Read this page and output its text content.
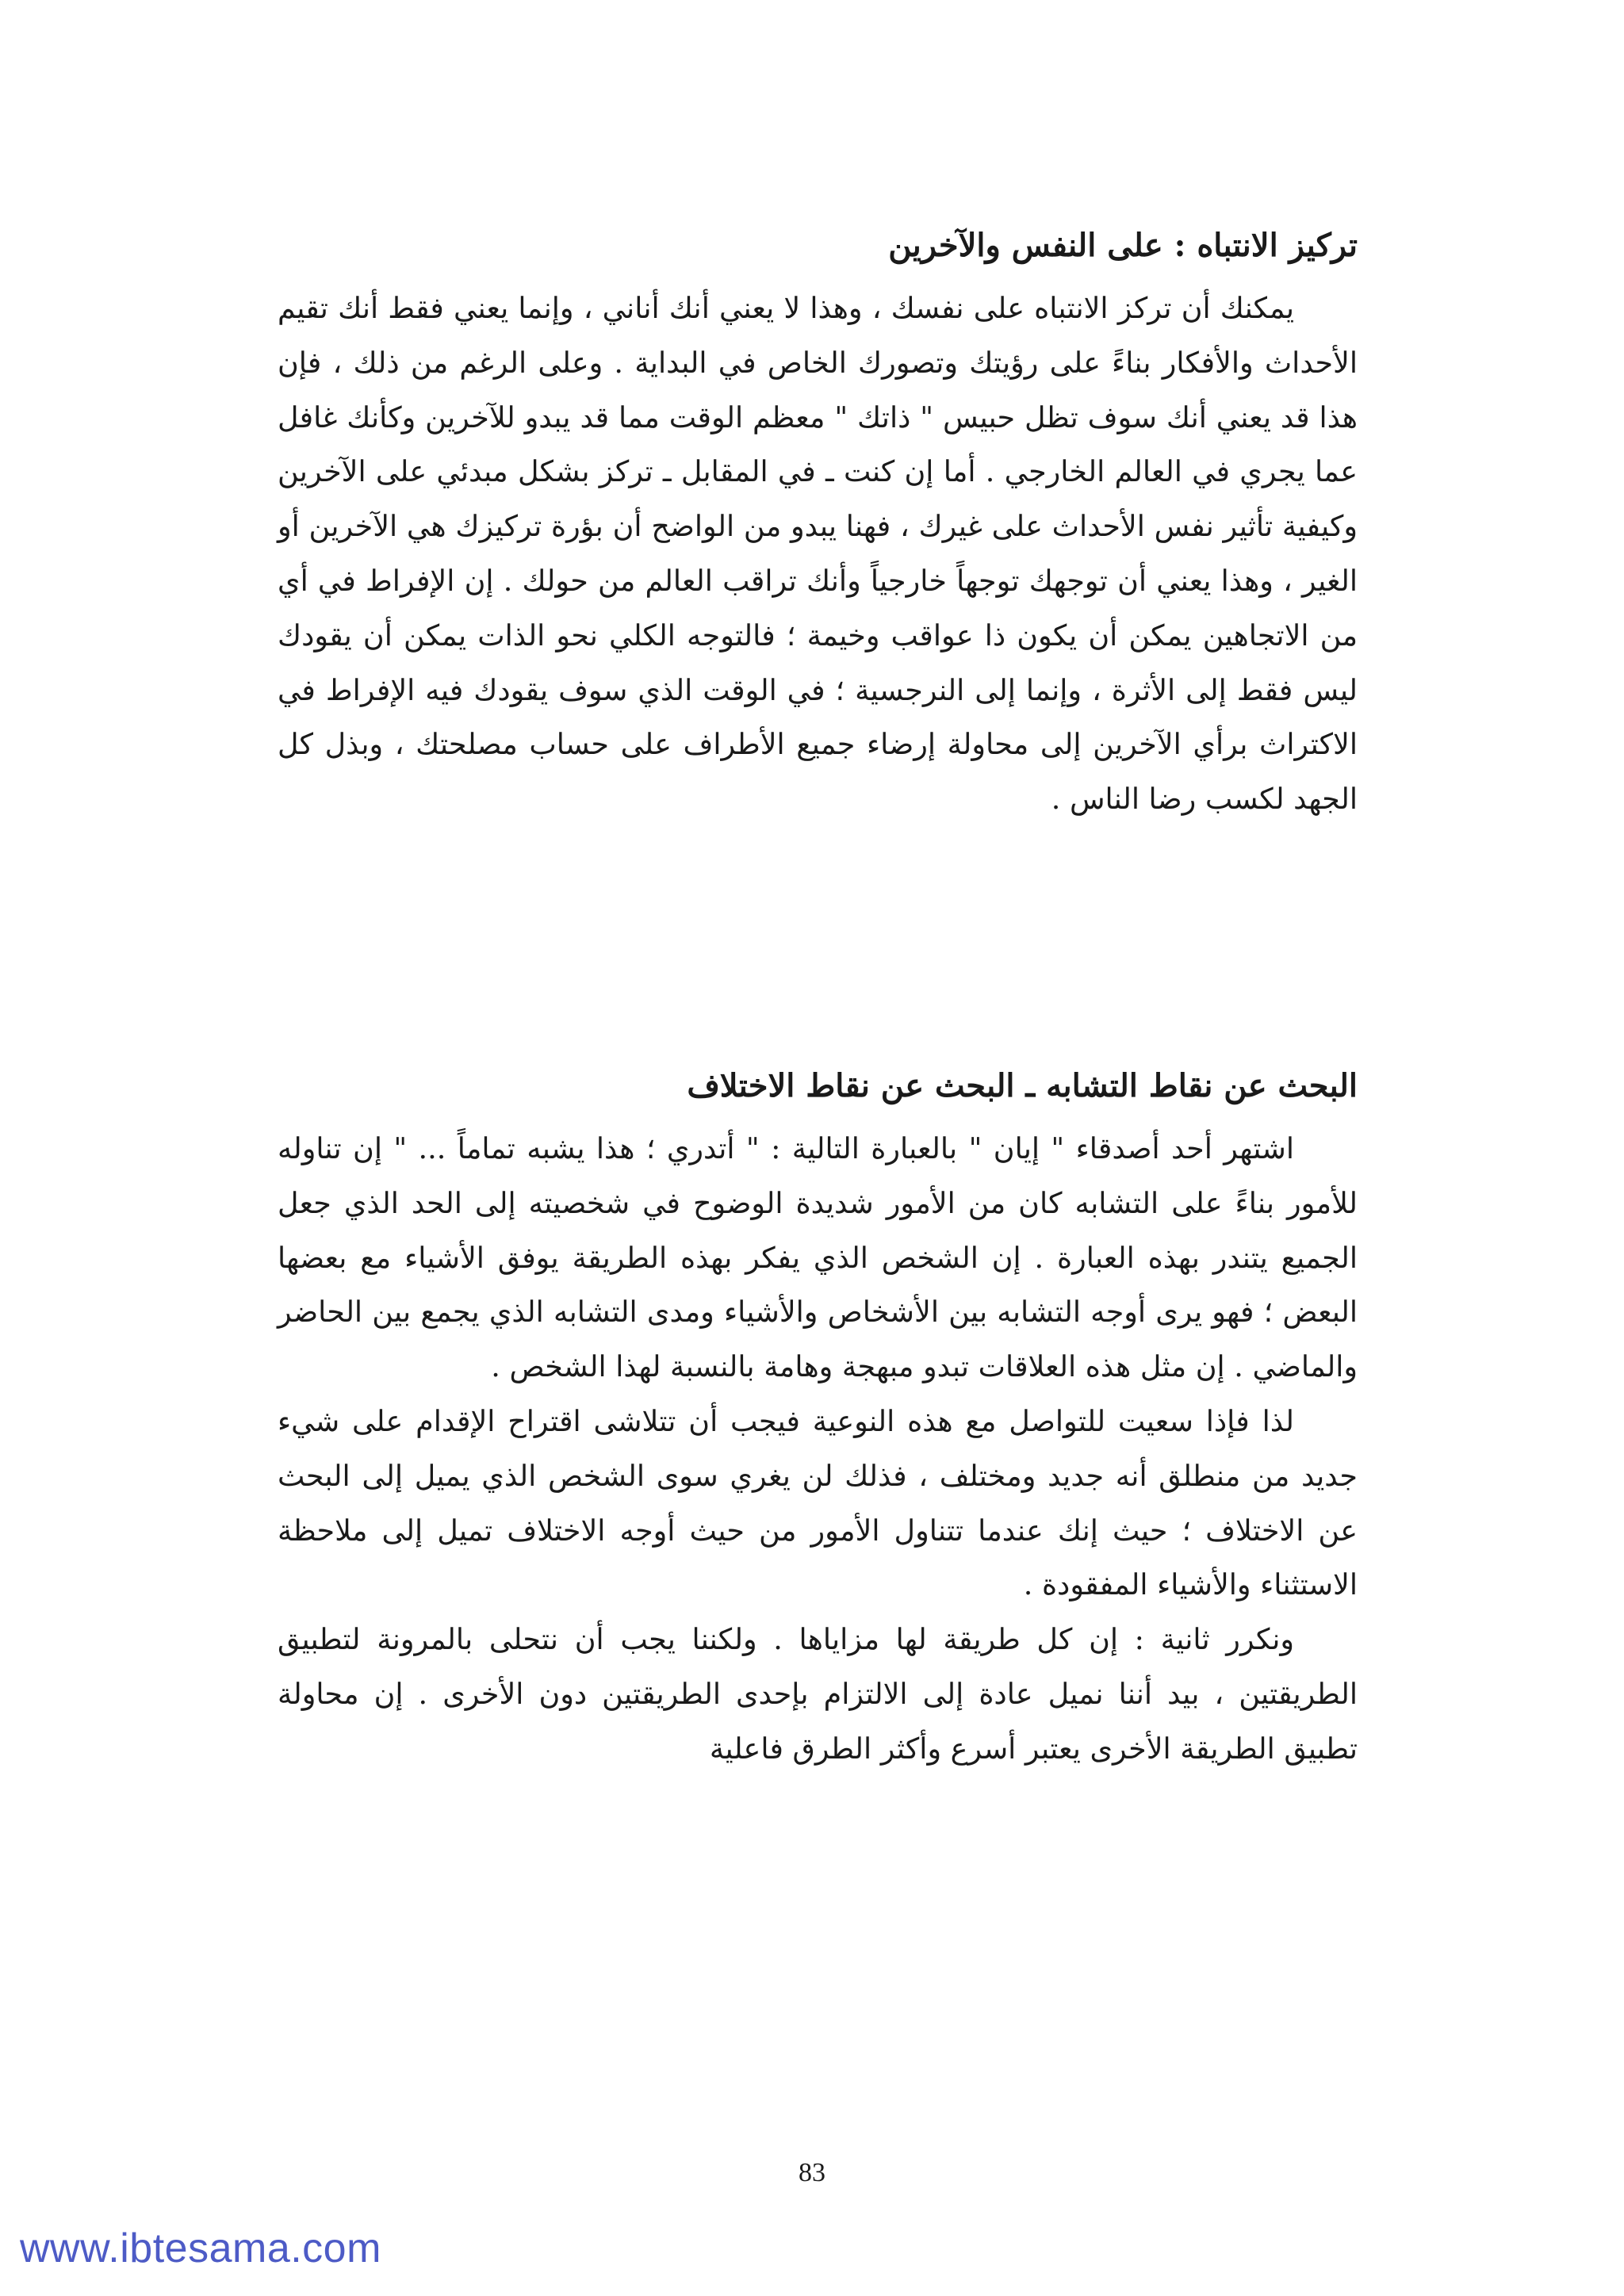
تركيز الانتباه : على النفس والآخرين

يمكنك أن تركز الانتباه على نفسك ، وهذا لا يعني أنك أناني ، وإنما يعني فقط أنك تقيم الأحداث والأفكار بناءً على رؤيتك وتصورك الخاص في البداية . وعلى الرغم من ذلك ، فإن هذا قد يعني أنك سوف تظل حبيس " ذاتك " معظم الوقت مما قد يبدو للآخرين وكأنك غافل عما يجري في العالم الخارجي . أما إن كنت ـ في المقابل ـ تركز بشكل مبدئي على الآخرين وكيفية تأثير نفس الأحداث على غيرك ، فهنا يبدو من الواضح أن بؤرة تركيزك هي الآخرين أو الغير ، وهذا يعني أن توجهك توجهاً خارجياً وأنك تراقب العالم من حولك . إن الإفراط في أي من الاتجاهين يمكن أن يكون ذا عواقب وخيمة ؛ فالتوجه الكلي نحو الذات يمكن أن يقودك ليس فقط إلى الأثرة ، وإنما إلى النرجسية ؛ في الوقت الذي سوف يقودك فيه الإفراط في الاكتراث برأي الآخرين إلى محاولة إرضاء جميع الأطراف على حساب مصلحتك ، وبذل كل الجهد لكسب رضا الناس .

البحث عن نقاط التشابه ـ البحث عن نقاط الاختلاف

اشتهر أحد أصدقاء " إيان " بالعبارة التالية : " أتدري ؛ هذا يشبه تماماً ... " إن تناوله للأمور بناءً على التشابه كان من الأمور شديدة الوضوح في شخصيته إلى الحد الذي جعل الجميع يتندر بهذه العبارة . إن الشخص الذي يفكر بهذه الطريقة يوفق الأشياء مع بعضها البعض ؛ فهو يرى أوجه التشابه بين الأشخاص والأشياء ومدى التشابه الذي يجمع بين الحاضر والماضي . إن مثل هذه العلاقات تبدو مبهجة وهامة بالنسبة لهذا الشخص .

لذا فإذا سعيت للتواصل مع هذه النوعية فيجب أن تتلاشى اقتراح الإقدام على شيء جديد من منطلق أنه جديد ومختلف ، فذلك لن يغري سوى الشخص الذي يميل إلى البحث عن الاختلاف ؛ حيث إنك عندما تتناول الأمور من حيث أوجه الاختلاف تميل إلى ملاحظة الاستثناء والأشياء المفقودة .

ونكرر ثانية : إن كل طريقة لها مزاياها . ولكننا يجب أن نتحلى بالمرونة لتطبيق الطريقتين ، بيد أننا نميل عادة إلى الالتزام بإحدى الطريقتين دون الأخرى . إن محاولة تطبيق الطريقة الأخرى يعتبر أسرع وأكثر الطرق فاعلية

83
www.ibtesama.com
